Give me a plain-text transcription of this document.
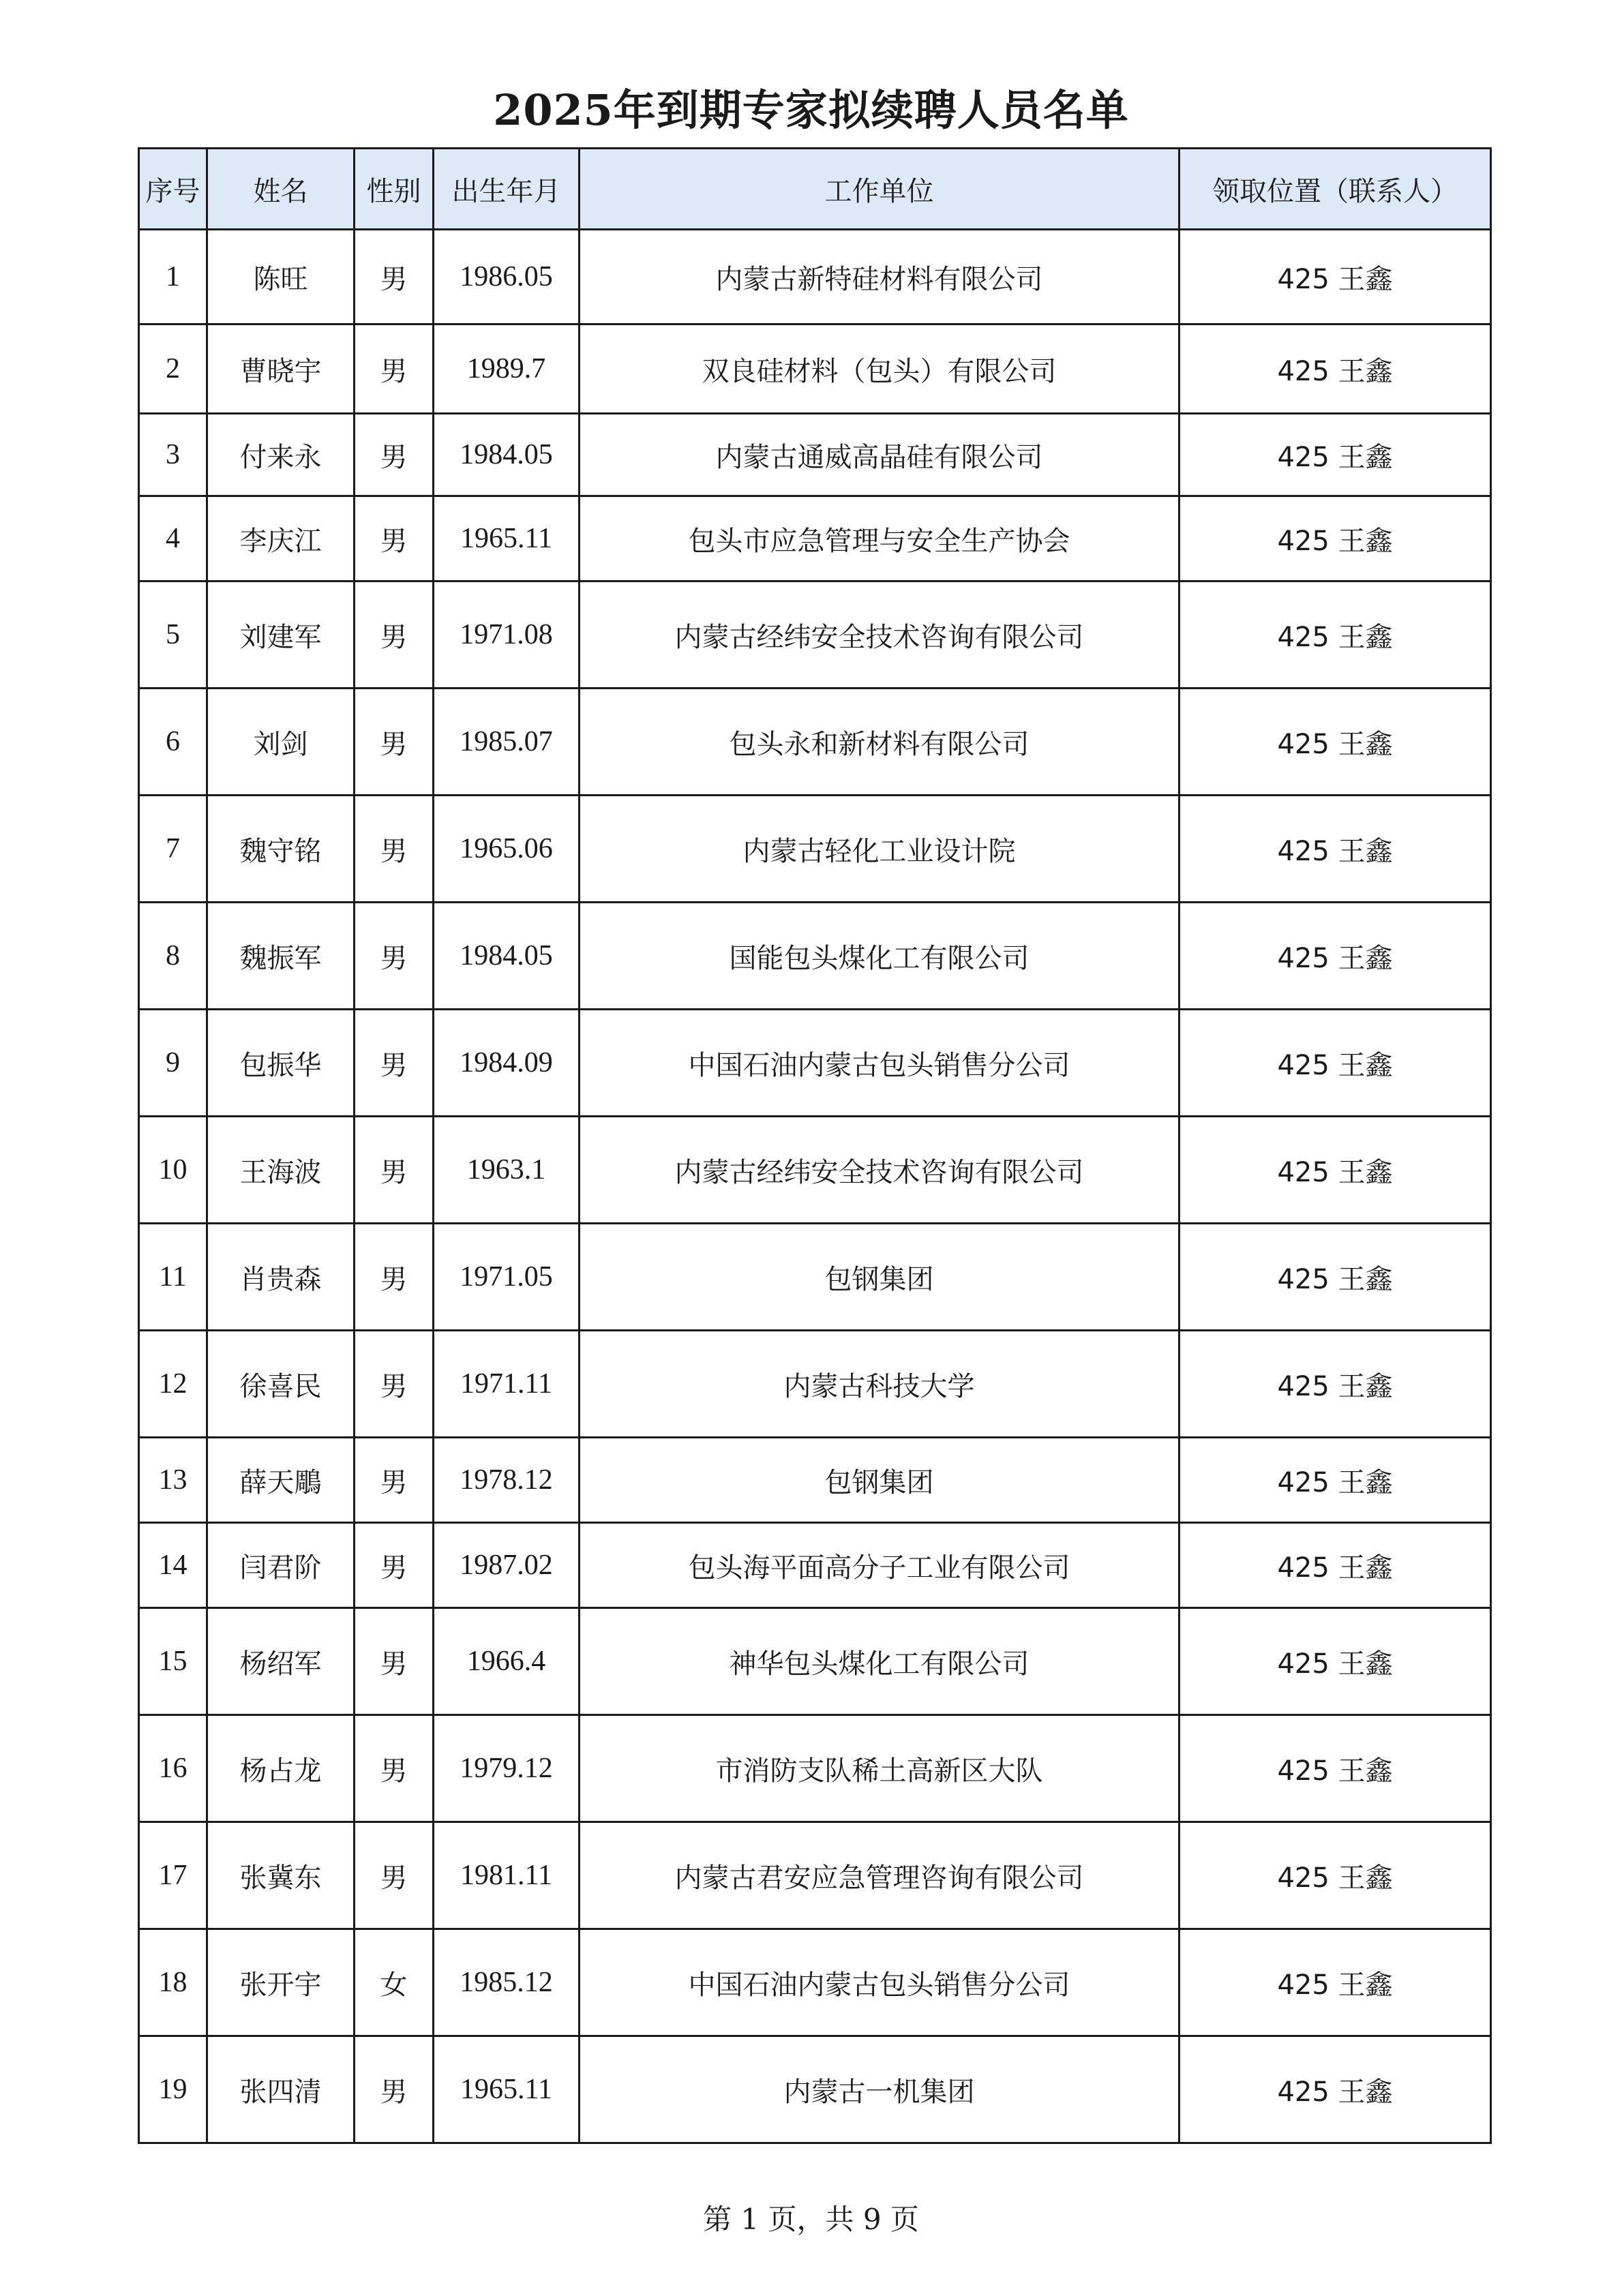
2025年到期专家拟续聘人员名单
序号	姓名	性别	出生年月	工作单位	领取位置（联系人）
1	陈旺	男	1986.05	内蒙古新特硅材料有限公司	425 王鑫
2	曹晓宇	男	1989.7	双良硅材料（包头）有限公司	425 王鑫
3	付来永	男	1984.05	内蒙古通威高晶硅有限公司	425 王鑫
4	李庆江	男	1965.11	包头市应急管理与安全生产协会	425 王鑫
5	刘建军	男	1971.08	内蒙古经纬安全技术咨询有限公司	425 王鑫
6	刘剑	男	1985.07	包头永和新材料有限公司	425 王鑫
7	魏守铭	男	1965.06	内蒙古轻化工业设计院	425 王鑫
8	魏振军	男	1984.05	国能包头煤化工有限公司	425 王鑫
9	包振华	男	1984.09	中国石油内蒙古包头销售分公司	425 王鑫
10	王海波	男	1963.1	内蒙古经纬安全技术咨询有限公司	425 王鑫
11	肖贵森	男	1971.05	包钢集团	425 王鑫
12	徐喜民	男	1971.11	内蒙古科技大学	425 王鑫
13	薛天鵰	男	1978.12	包钢集团	425 王鑫
14	闫君阶	男	1987.02	包头海平面高分子工业有限公司	425 王鑫
15	杨绍军	男	1966.4	神华包头煤化工有限公司	425 王鑫
16	杨占龙	男	1979.12	市消防支队稀土高新区大队	425 王鑫
17	张冀东	男	1981.11	内蒙古君安应急管理咨询有限公司	425 王鑫
18	张开宇	女	1985.12	中国石油内蒙古包头销售分公司	425 王鑫
19	张四清	男	1965.11	内蒙古一机集团	425 王鑫
第 1 页，共 9 页
